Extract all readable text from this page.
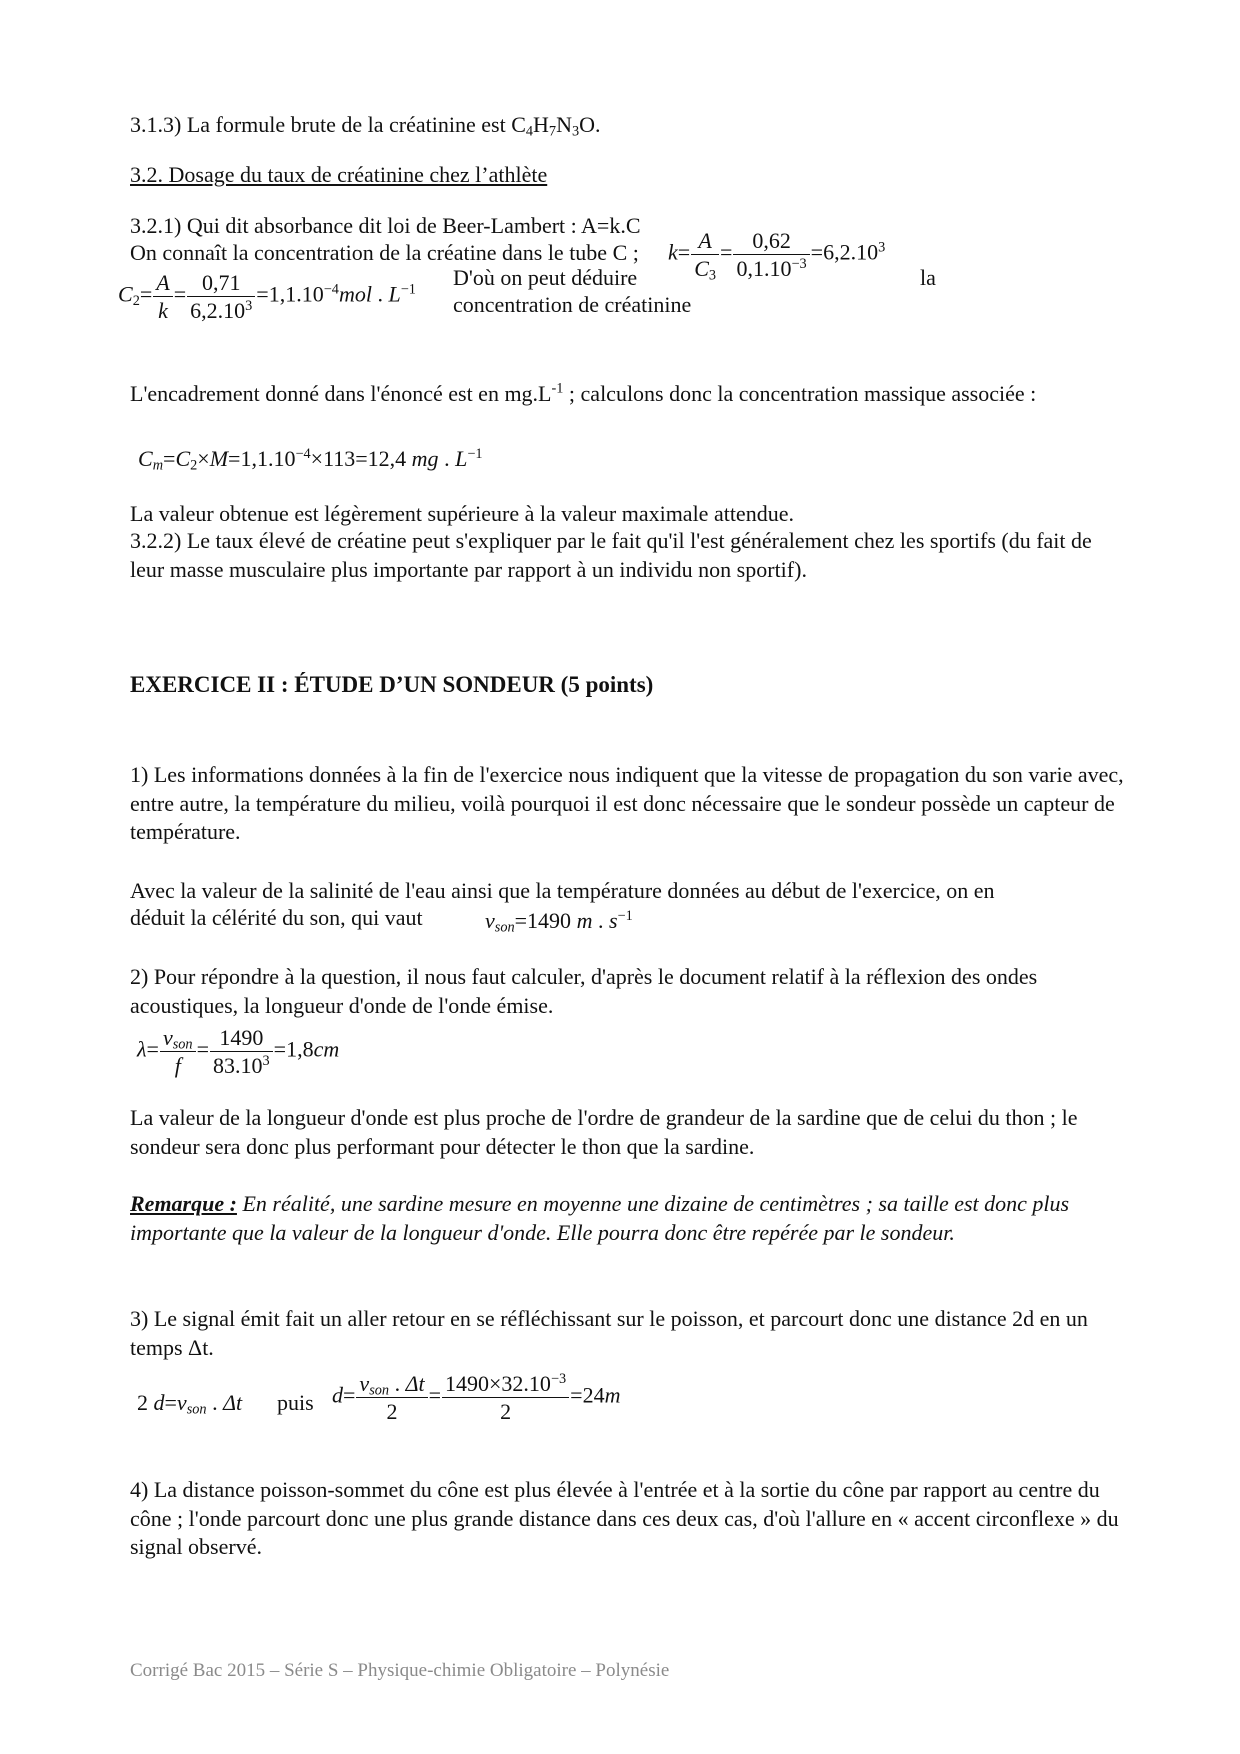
3.1.3) La formule brute de la créatinine est $C_4H_7N_3O$.

3.2. Dosage du taux de créatinine chez l’athlète

3.2.1) Qui dit absorbance dit loi de Beer-Lambert : A=k.C

On connaît la concentration de la créatine dans le tube C ;	$k= \frac{A}{C_3} = \frac{0,62}{0,1.10^{-3}} =6,2.10^3$

D'où on peut déduire	la

concentration de créatinine

$C_2= \frac{A}{k} = \frac{0,71}{6,2.10^3} =1,1.10^{-4}mol$ . $L^{-1}$

L'encadrement donné dans l'énoncé est en $mg.L^{-1}$ ; calculons donc la concentration massique associée :

$C_m=C_2\times M=1,1.10^{-4}\times 113=12,4$ mg . $L^{-1}$

La valeur obtenue est légèrement supérieure à la valeur maximale attendue.

3.2.2) Le taux élevé de créatine peut s'expliquer par le fait qu'il l'est généralement chez les sportifs (du fait de leur masse musculaire plus importante par rapport à un individu non sportif).

EXERCICE II : ÉTUDE D’UN SONDEUR (5 points)

1) Les informations données à la fin de l'exercice nous indiquent que la vitesse de propagation du son varie avec, entre autre, la température du milieu, voilà pourquoi il est donc nécessaire que le sondeur possède un capteur de température.

Avec la valeur de la salinité de l'eau ainsi que la température données au début de l'exercice, on en

déduit la célérité du son, qui vaut	$v_{son}=1490$ m . $s^{-1}$

2) Pour répondre à la question, il nous faut calculer, d'après le document relatif à la réflexion des ondes acoustiques, la longueur d'onde de l'onde émise.

$\lambda= \frac{v_{son}}{f} = \frac{1490}{83.10^3} =1,8cm$

La valeur de la longueur d'onde est plus proche de l'ordre de grandeur de la sardine que de celui du thon ; le sondeur sera donc plus performant pour détecter le thon que la sardine.

Remarque : En réalité, une sardine mesure en moyenne une dizaine de centimètres ; sa taille est donc plus importante que la valeur de la longueur d'onde. Elle pourra donc être repérée par le sondeur.

3) Le signal émit fait un aller retour en se réfléchissant sur le poisson, et parcourt donc une distance 2d en un temps Δt.

2 $d=v_{son}$ . Δt puis $d= \frac{v_{son} . \Delta t}{2} = \frac{1490\times 32.10^{-3}}{2} =24m$

4) La distance poisson-sommet du cône est plus élevée à l'entrée et à la sortie du cône par rapport au centre du cône ; l'onde parcourt donc une plus grande distance dans ces deux cas, d'où l'allure en « accent circonflexe » du signal observé.

Corrigé Bac 2015 – Série S – Physique-chimie Obligatoire – Polynésie
